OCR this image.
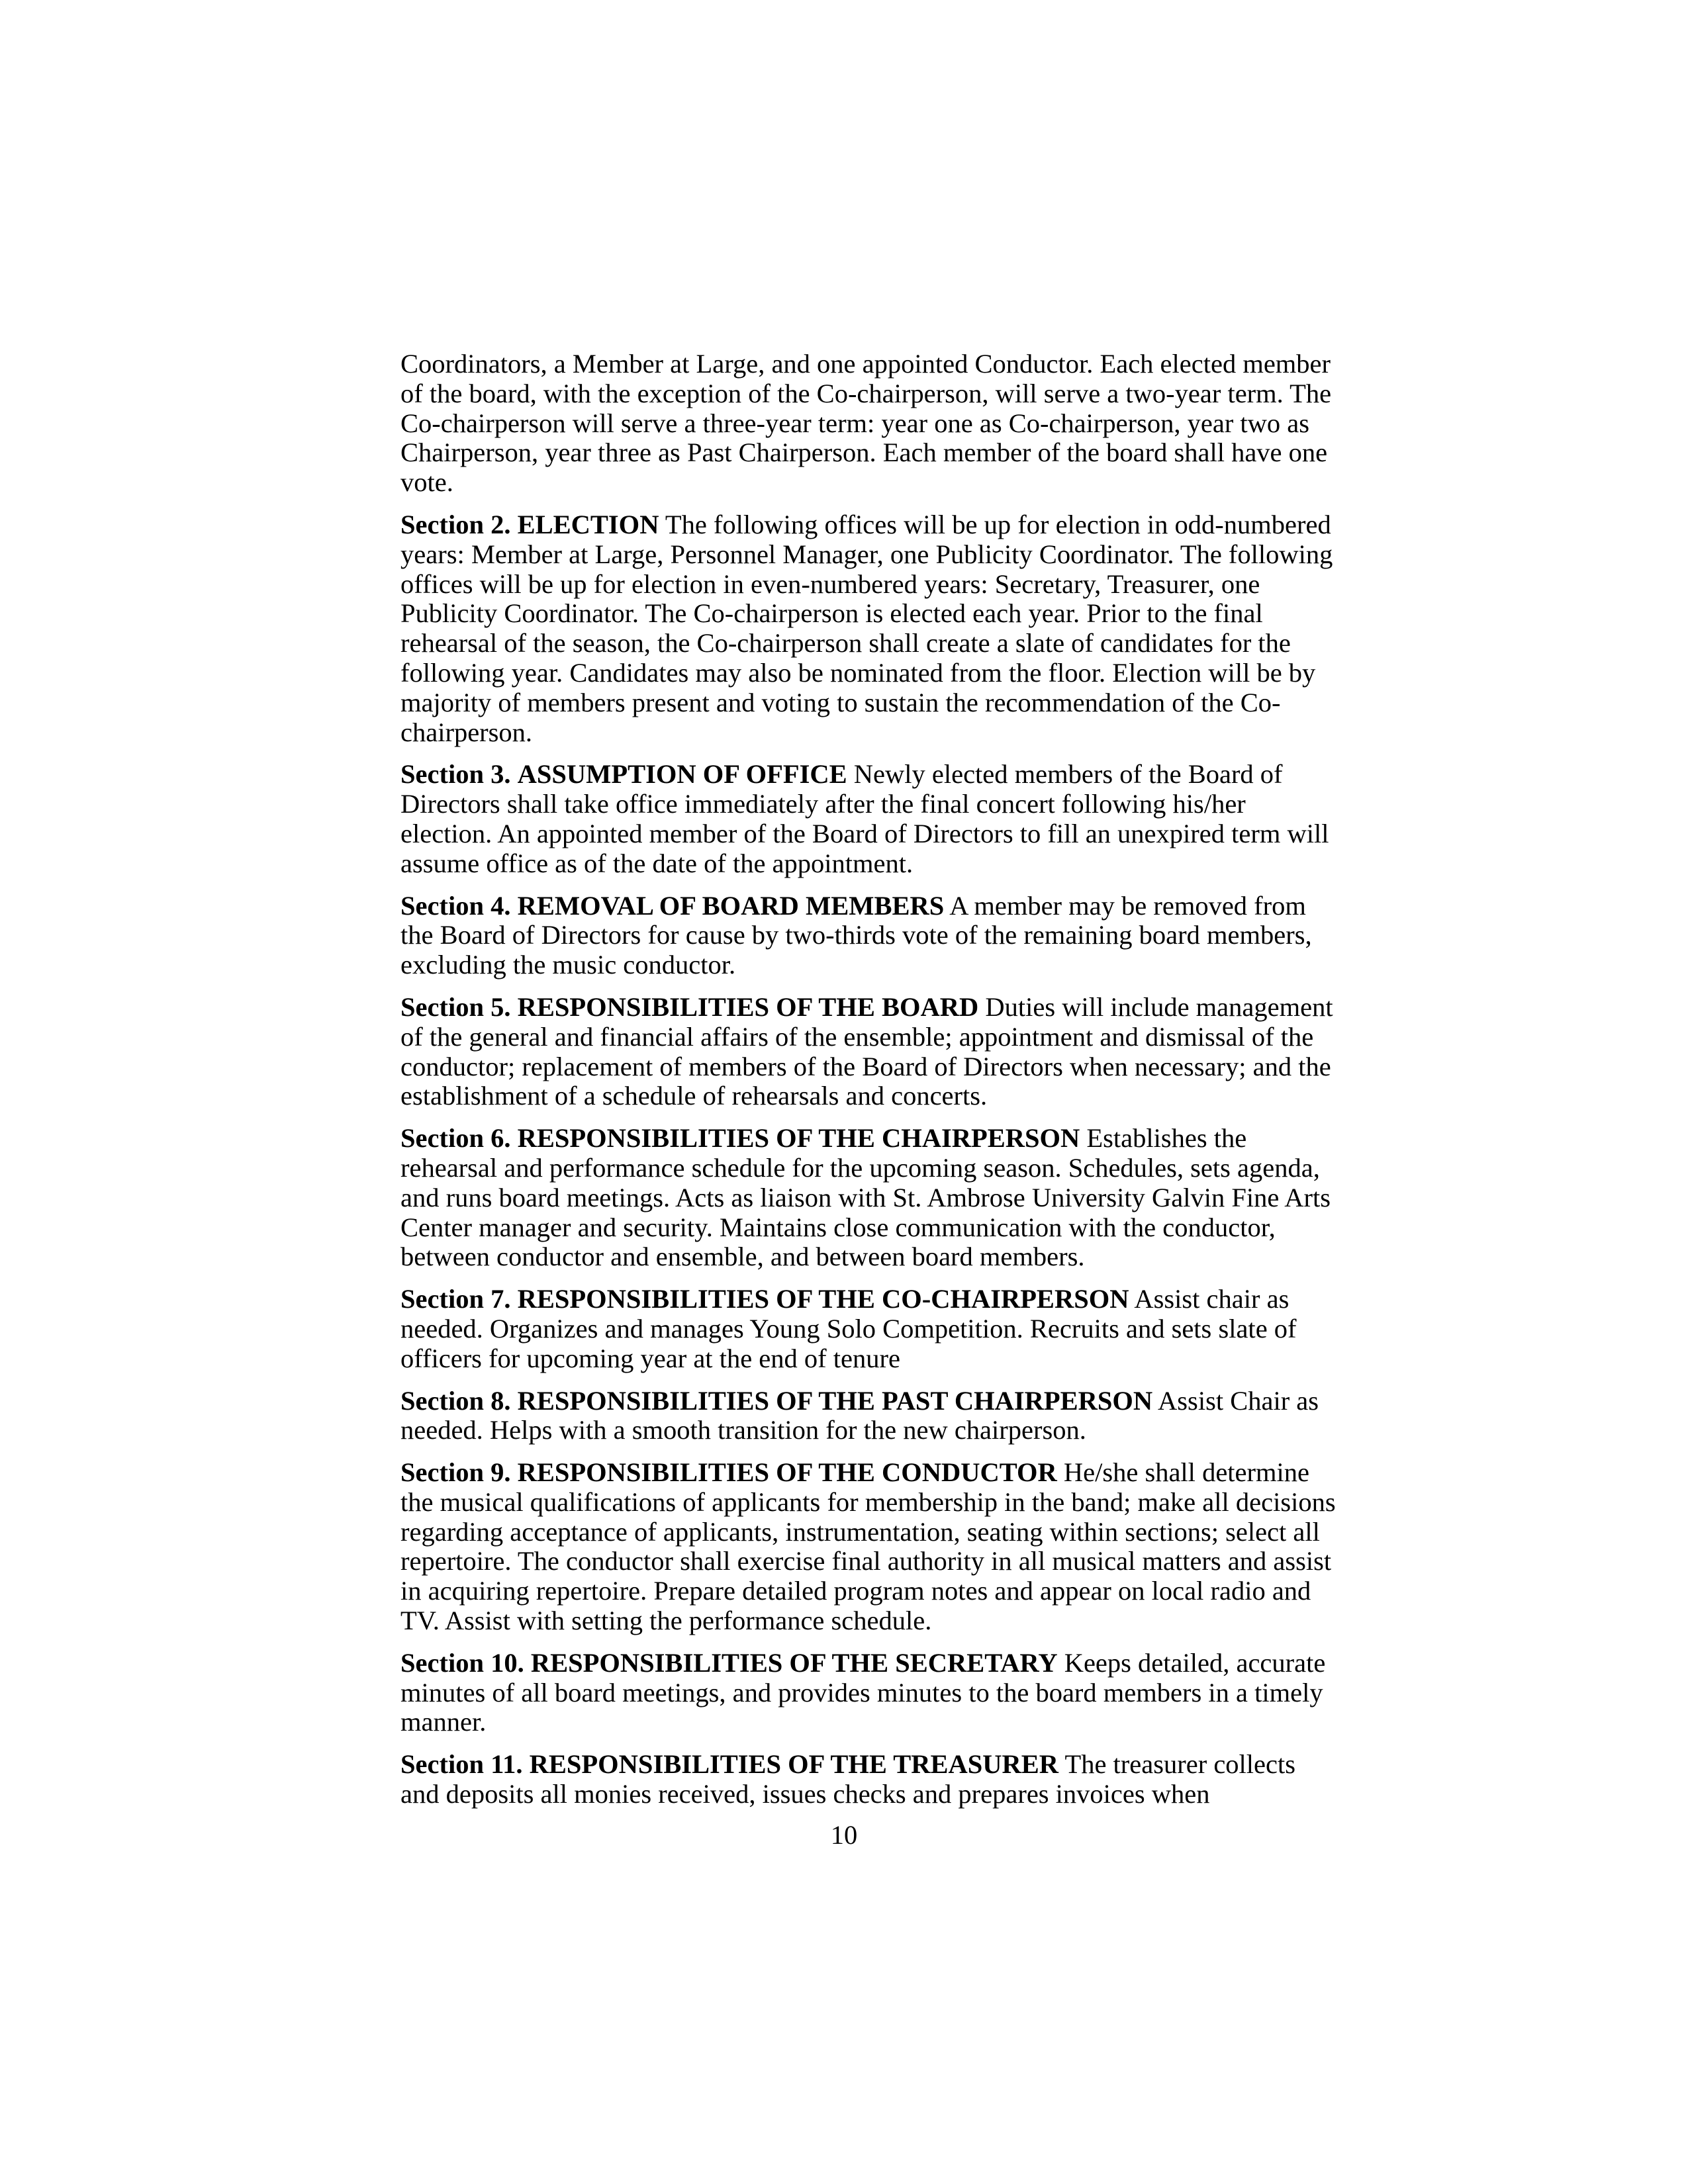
Coordinators, a Member at Large, and one appointed Conductor. Each elected member of the board, with the exception of the Co-chairperson, will serve a two-year term. The Co-chairperson will serve a three-year term: year one as Co-chairperson, year two as Chairperson, year three as Past Chairperson. Each member of the board shall have one vote.

Section 2. ELECTION The following offices will be up for election in odd-numbered years: Member at Large, Personnel Manager, one Publicity Coordinator. The following offices will be up for election in even-numbered years: Secretary, Treasurer, one Publicity Coordinator. The Co-chairperson is elected each year. Prior to the final rehearsal of the season, the Co-chairperson shall create a slate of candidates for the following year. Candidates may also be nominated from the floor. Election will be by majority of members present and voting to sustain the recommendation of the Co-chairperson.

Section 3. ASSUMPTION OF OFFICE Newly elected members of the Board of Directors shall take office immediately after the final concert following his/her election. An appointed member of the Board of Directors to fill an unexpired term will assume office as of the date of the appointment.

Section 4. REMOVAL OF BOARD MEMBERS A member may be removed from the Board of Directors for cause by two-thirds vote of the remaining board members, excluding the music conductor.

Section 5. RESPONSIBILITIES OF THE BOARD Duties will include management of the general and financial affairs of the ensemble; appointment and dismissal of the conductor; replacement of members of the Board of Directors when necessary; and the establishment of a schedule of rehearsals and concerts.

Section 6. RESPONSIBILITIES OF THE CHAIRPERSON Establishes the rehearsal and performance schedule for the upcoming season. Schedules, sets agenda, and runs board meetings. Acts as liaison with St. Ambrose University Galvin Fine Arts Center manager and security. Maintains close communication with the conductor, between conductor and ensemble, and between board members.

Section 7. RESPONSIBILITIES OF THE CO-CHAIRPERSON Assist chair as needed. Organizes and manages Young Solo Competition. Recruits and sets slate of officers for upcoming year at the end of tenure

Section 8. RESPONSIBILITIES OF THE PAST CHAIRPERSON Assist Chair as needed. Helps with a smooth transition for the new chairperson.

Section 9. RESPONSIBILITIES OF THE CONDUCTOR He/she shall determine the musical qualifications of applicants for membership in the band; make all decisions regarding acceptance of applicants, instrumentation, seating within sections; select all repertoire. The conductor shall exercise final authority in all musical matters and assist in acquiring repertoire. Prepare detailed program notes and appear on local radio and TV. Assist with setting the performance schedule.

Section 10. RESPONSIBILITIES OF THE SECRETARY Keeps detailed, accurate minutes of all board meetings, and provides minutes to the board members in a timely manner.

Section 11. RESPONSIBILITIES OF THE TREASURER The treasurer collects and deposits all monies received, issues checks and prepares invoices when

10
